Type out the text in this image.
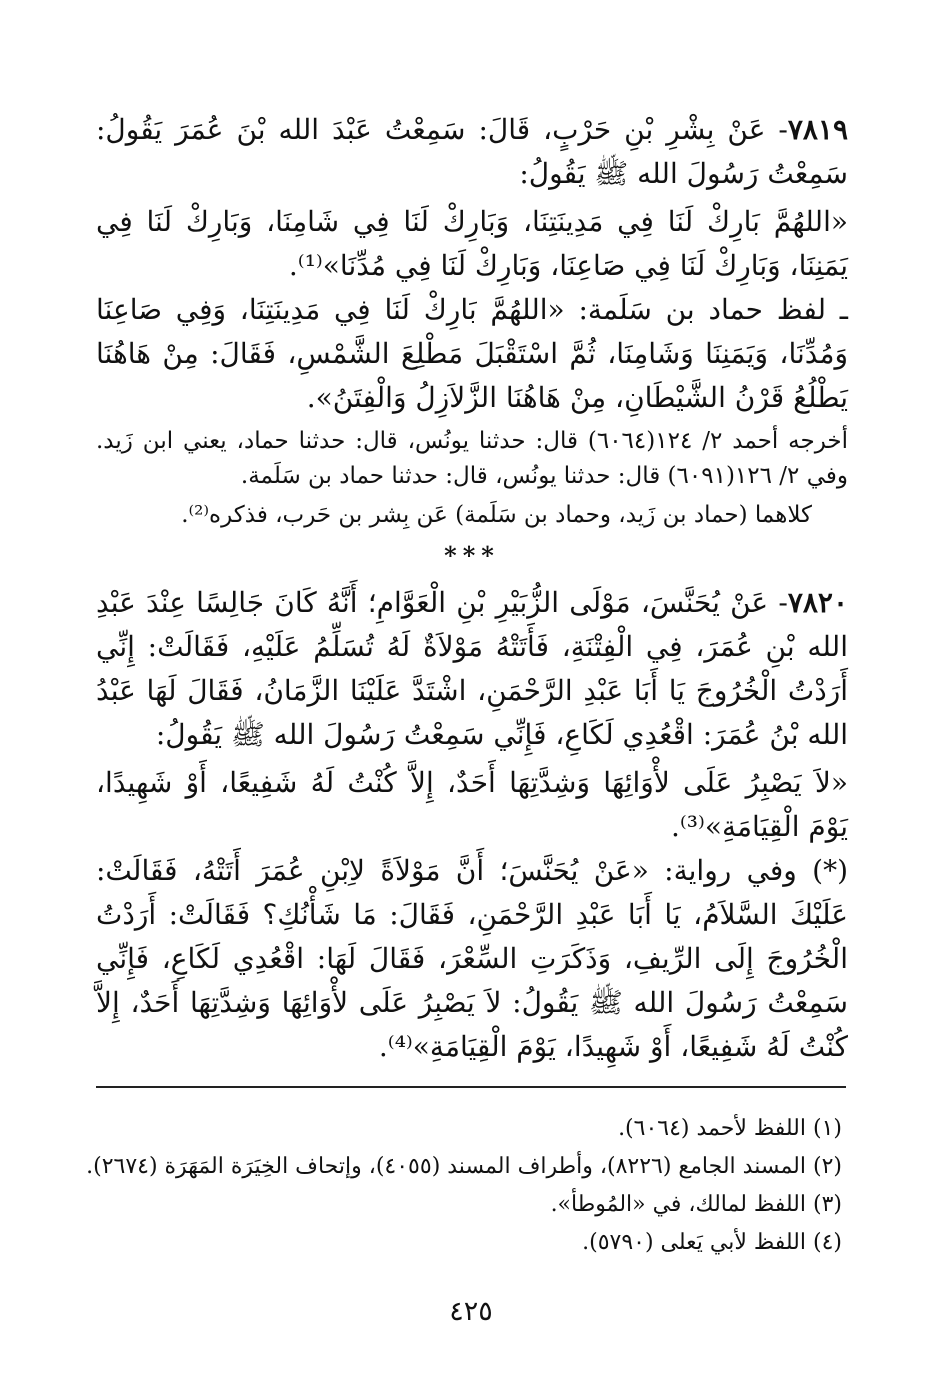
٧٨١٩- عَنْ بِشْرِ بْنِ حَرْبٍ، قَالَ: سَمِعْتُ عَبْدَ الله بْنَ عُمَرَ يَقُولُ: سَمِعْتُ رَسُولَ الله ﷺ يَقُولُ:

«اللهُمَّ بَارِكْ لَنَا فِي مَدِينَتِنَا، وَبَارِكْ لَنَا فِي شَامِنَا، وَبَارِكْ لَنَا فِي يَمَنِنَا، وَبَارِكْ لَنَا فِي صَاعِنَا، وَبَارِكْ لَنَا فِي مُدِّنَا»⁽¹⁾.

ـ لفظ حماد بن سَلَمة: «اللهُمَّ بَارِكْ لَنَا فِي مَدِينَتِنَا، وَفِي صَاعِنَا وَمُدِّنَا، وَيَمَنِنَا وَشَامِنَا، ثُمَّ اسْتَقْبَلَ مَطْلِعَ الشَّمْسِ، فَقَالَ: مِنْ هَاهُنَا يَطْلُعُ قَرْنُ الشَّيْطَانِ، مِنْ هَاهُنَا الزَّلاَزِلُ وَالْفِتَنُ».

أخرجه أحمد ٢/ ١٢٤(٦٠٦٤) قال: حدثنا يونُس، قال: حدثنا حماد، يعني ابن زَيد. وفي ٢/ ١٢٦(٦٠٩١) قال: حدثنا يونُس، قال: حدثنا حماد بن سَلَمة.

كلاهما (حماد بن زَيد، وحماد بن سَلَمة) عَن بِشر بن حَرب، فذكره⁽²⁾.

***

٧٨٢٠- عَنْ يُحَنَّسَ، مَوْلَى الزُّبَيْرِ بْنِ الْعَوَّامِ؛ أَنَّهُ كَانَ جَالِسًا عِنْدَ عَبْدِ الله بْنِ عُمَرَ، فِي الْفِتْنَةِ، فَأَتَتْهُ مَوْلاَةٌ لَهُ تُسَلِّمُ عَلَيْهِ، فَقَالَتْ: إِنِّي أَرَدْتُ الْخُرُوجَ يَا أَبَا عَبْدِ الرَّحْمَنِ، اشْتَدَّ عَلَيْنَا الزَّمَانُ، فَقَالَ لَهَا عَبْدُ الله بْنُ عُمَرَ: اقْعُدِي لَكَاعِ، فَإِنِّي سَمِعْتُ رَسُولَ الله ﷺ يَقُولُ:

«لاَ يَصْبِرُ عَلَى لأْوَائِهَا وَشِدَّتِهَا أَحَدٌ، إِلاَّ كُنْتُ لَهُ شَفِيعًا، أَوْ شَهِيدًا، يَوْمَ الْقِيَامَةِ»⁽³⁾.

(*) وفي رواية: «عَنْ يُحَنَّسَ؛ أَنَّ مَوْلاَةً لاِبْنِ عُمَرَ أَتَتْهُ، فَقَالَتْ: عَلَيْكَ السَّلاَمُ، يَا أَبَا عَبْدِ الرَّحْمَنِ، فَقَالَ: مَا شَأْنُكِ؟ فَقَالَتْ: أَرَدْتُ الْخُرُوجَ إِلَى الرِّيفِ، وَذَكَرَتِ السِّعْرَ، فَقَالَ لَهَا: اقْعُدِي لَكَاعِ، فَإِنِّي سَمِعْتُ رَسُولَ الله ﷺ يَقُولُ: لاَ يَصْبِرُ عَلَى لأْوَائِهَا وَشِدَّتِهَا أَحَدٌ، إِلاَّ كُنْتُ لَهُ شَفِيعًا، أَوْ شَهِيدًا، يَوْمَ الْقِيَامَةِ»⁽⁴⁾.

(١) اللفظ لأحمد (٦٠٦٤).

(٢) المسند الجامع (٨٢٢٦)، وأطراف المسند (٤٠٥٥)، وإتحاف الخِيَرَة المَهَرَة (٢٦٧٤).

(٣) اللفظ لمالك، في «المُوطأ».

(٤) اللفظ لأبي يَعلى (٥٧٩٠).

٤٢٥
